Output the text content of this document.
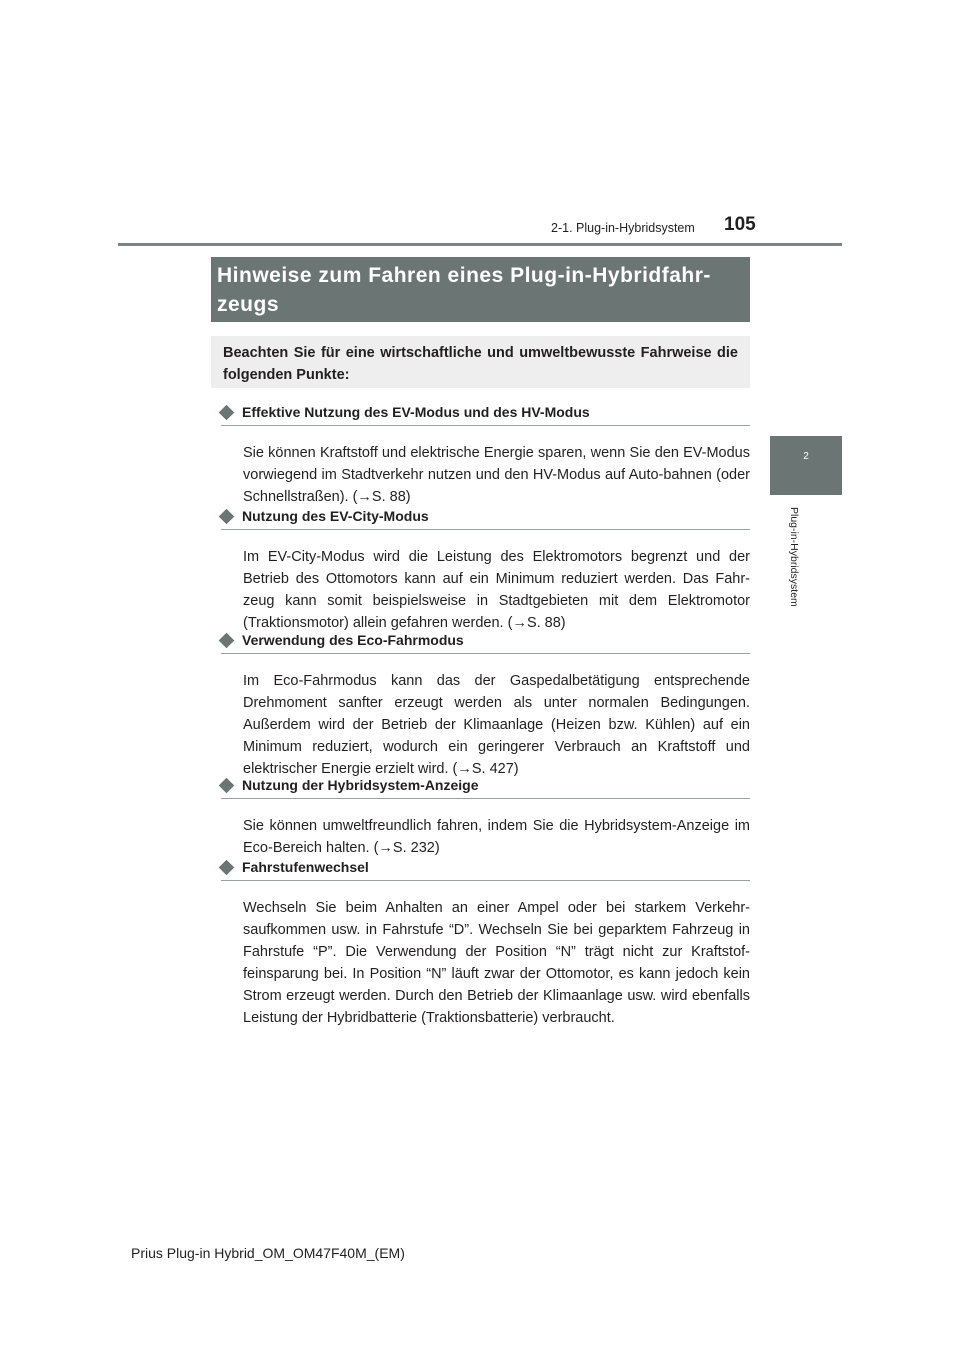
2-1. Plug-in-Hybridsystem 105
2
Plug-in-Hybridsystem
Hinweise zum Fahren eines Plug-in-Hybridfahr- zeugs

Beachten Sie für eine wirtschaftliche und umweltbewusste Fahrweise die folgenden Punkte:

Effektive Nutzung des EV-Modus und des HV-Modus
Sie können Kraftstoff und elektrische Energie sparen, wenn Sie den EV-Modus vorwiegend im Stadtverkehr nutzen und den HV-Modus auf Auto-bahnen (oder Schnellstraßen). (→S. 88)
Nutzung des EV-City-Modus
Im EV-City-Modus wird die Leistung des Elektromotors begrenzt und der Betrieb des Ottomotors kann auf ein Minimum reduziert werden. Das Fahr-zeug kann somit beispielsweise in Stadtgebieten mit dem Elektromotor (Traktionsmotor) allein gefahren werden. (→S. 88)
Verwendung des Eco-Fahrmodus
Im Eco-Fahrmodus kann das der Gaspedalbetätigung entsprechende Drehmoment sanfter erzeugt werden als unter normalen Bedingungen. Außerdem wird der Betrieb der Klimaanlage (Heizen bzw. Kühlen) auf ein Minimum reduziert, wodurch ein geringerer Verbrauch an Kraftstoff und elektrischer Energie erzielt wird. (→S. 427)
Nutzung der Hybridsystem-Anzeige
Sie können umweltfreundlich fahren, indem Sie die Hybridsystem-Anzeige im Eco-Bereich halten. (→S. 232)
Fahrstufenwechsel
Wechseln Sie beim Anhalten an einer Ampel oder bei starkem Verkehr-saufkommen usw. in Fahrstufe “D”. Wechseln Sie bei geparktem Fahrzeug in Fahrstufe “P”. Die Verwendung der Position “N” trägt nicht zur Kraftstof-feinsparung bei. In Position “N” läuft zwar der Ottomotor, es kann jedoch kein Strom erzeugt werden. Durch den Betrieb der Klimaanlage usw. wird ebenfalls Leistung der Hybridbatterie (Traktionsbatterie) verbraucht.
Prius Plug-in Hybrid_OM_OM47F40M_(EM)
